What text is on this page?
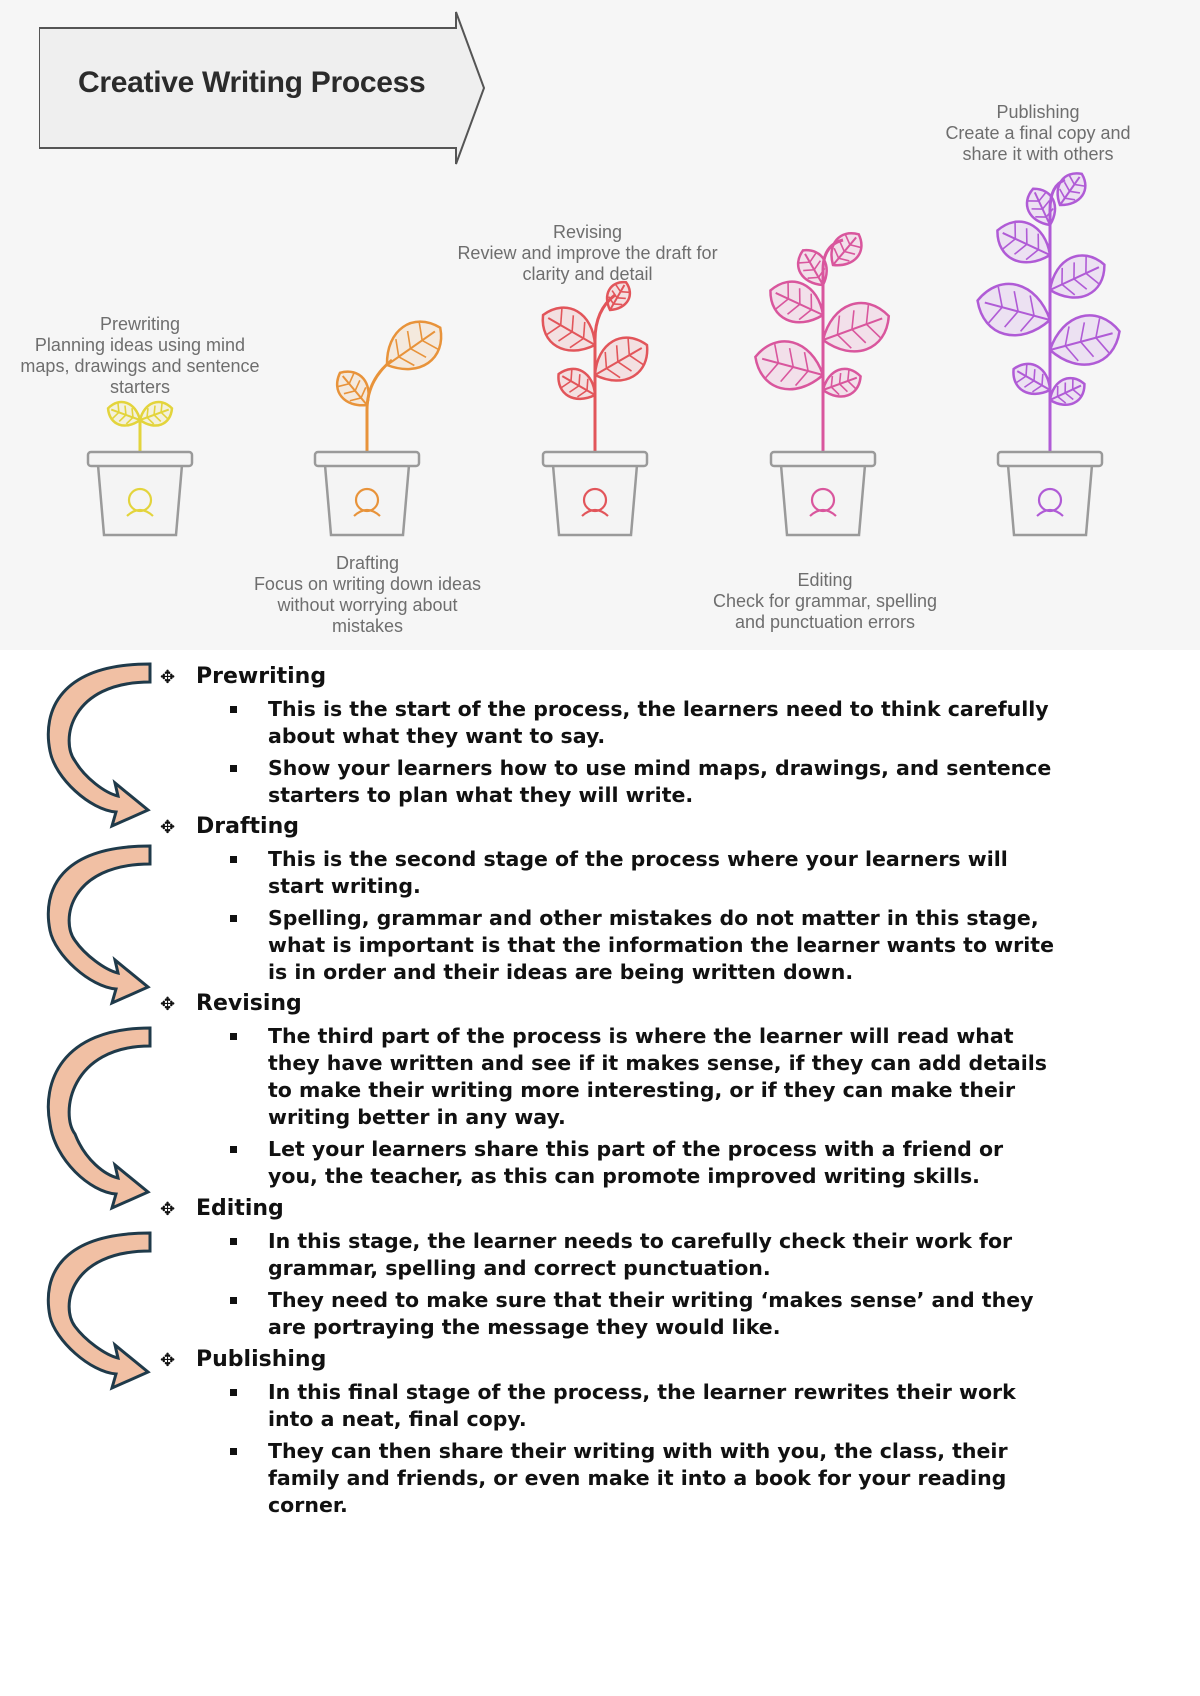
Creative Writing Process
Prewriting
Planning ideas using mind maps, drawings and sentence starters
Drafting
Focus on writing down ideas without worrying about mistakes
Revising
Review and improve the draft for clarity and detail
Editing
Check for grammar, spelling and punctuation errors
Publishing
Create a final copy and share it with others
✥ Prewriting
This is the start of the process, the learners need to think carefully about what they want to say.
Show your learners how to use mind maps, drawings, and sentence starters to plan what they will write.
✥ Drafting
This is the second stage of the process where your learners will start writing.
Spelling, grammar and other mistakes do not matter in this stage, what is important is that the information the learner wants to write is in order and their ideas are being written down.
✥ Revising
The third part of the process is where the learner will read what they have written and see if it makes sense, if they can add details to make their writing more interesting, or if they can make their writing better in any way.
Let your learners share this part of the process with a friend or you, the teacher, as this can promote improved writing skills.
✥ Editing
In this stage, the learner needs to carefully check their work for grammar, spelling and correct punctuation.
They need to make sure that their writing ‘makes sense’ and they are portraying the message they would like.
✥ Publishing
In this final stage of the process, the learner rewrites their work into a neat, final copy.
They can then share their writing with with you, the class, their family and friends, or even make it into a book for your reading corner.
